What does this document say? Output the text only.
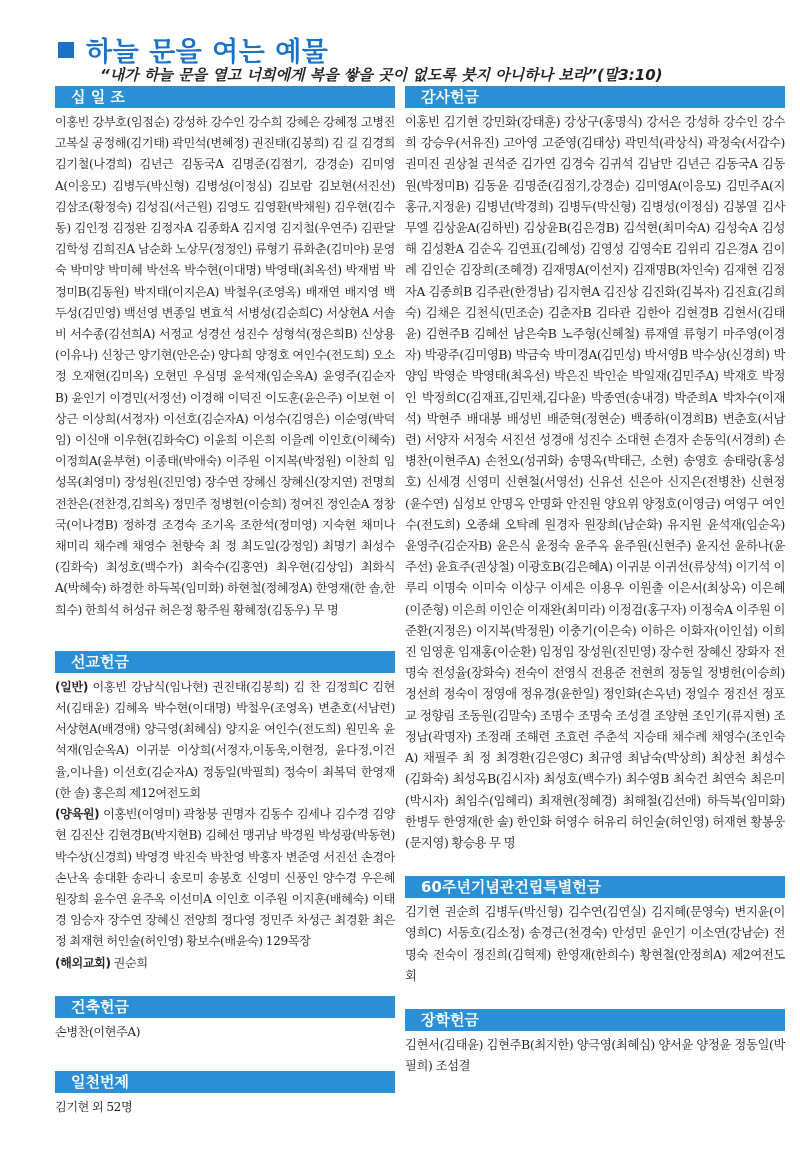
하늘 문을 여는 예물
“내가 하늘 문을 열고 너희에게 복을 쌓을 곳이 없도록 붓지 아니하나 보라”(말3:10)
십 일 조

이홍빈 강부호(임점순) 강성하 강수인 강수희 강혜은 강혜정 고병진 고복실 공정해(김기태) 곽민석(변혜정) 권진태(김봉희) 김 길 김경희 김기철(나경희) 김년근 김동국A 김명준(김점기, 강경순) 김미영A(이응모) 김병두(박신형) 김병성(이정심) 김보람 김보현(서진선) 김삼조(황정숙) 김성집(서근원) 김영도 김영환(박채원) 김우현(김수동) 김인정 김정완 김정자A 김종화A 김지영 김지철(우연주) 김판달 김학성 김희진A 남순화 노상무(정정인) 류형기 류화춘(김미야) 문영숙 박미양 박미혜 박선옥 박수현(이대명) 박영태(최옥선) 박재범 박정미B(김동원) 박지태(이지은A) 박철우(조영옥) 배재연 배지영 백두성(김민영) 백선영 변종일 변효석 서병성(김순희C) 서상현A 서솔비 서수종(김선희A) 서정교 성경선 성진수 성형석(정은희B) 신상용(이유나) 신창근 양기현(안은순) 양다희 양정호 여인수(전도희) 오소정 오재현(김미옥) 오현민 우심명 윤석재(임순옥A) 윤영주(김순자B) 윤인기 이경민(서정선) 이경해 이덕진 이도훈(윤은주) 이보현 이상근 이상희(서정자) 이선호(김순자A) 이성수(김영은) 이순영(박덕임) 이신애 이우현(김화숙C) 이윤희 이은희 이을례 이인호(이혜숙) 이정희A(윤부현) 이종태(박애숙) 이주원 이지복(박정원) 이찬희 임성목(최영미) 장성원(진민영) 장수연 장혜신 장혜신(장지연) 전명희 전찬은(전찬경,김희옥) 정민주 정병헌(이승희) 정여진 정인순A 정창국(이나경B) 정하경 조경숙 조기옥 조한석(정미영) 지숙현 채미나 채미리 채수례 채영수 천향숙 최 정 최도일(강정임) 최명기 최성수(김화숙) 최성호(백수가) 최숙수(김홍연) 최우현(김상임) 최화식A(박혜숙) 하경한 하득복(임미화) 하현철(정혜정A) 한영재(한 솔,한희수) 한희석 허성규 허은정 황주원 황혜정(김동우) 무 명

선교헌금

(일반) 이홍빈 강남식(임나현) 권진태(김봉희) 김 찬 김정희C 김현서(김태윤) 김혜옥 박수현(이대명) 박철우(조영옥) 변춘호(서남련) 서상현A(배경애) 양극영(최혜심) 양지윤 여인수(전도희) 원민옥 윤석재(임순옥A) 이귀분 이상희(서정자,이동욱,이현정, 윤다정,이건율,이나율) 이선호(김순자A) 정동일(박필희) 정숙이 최복덕 한영재(한 솔) 홍은희 제12여전도회

(양육원) 이홍빈(이영미) 곽창붕 권명자 김동수 김세나 김수경 김양현 김진산 김현경B(박지현B) 김혜선 맹귀남 박경원 박성광(박동현) 박수상(신경희) 박영경 박진숙 박찬영 박홍자 변준영 서진선 손경아 손난옥 송대환 송라니 송로미 송봉호 신영미 신풍인 양수경 우은혜 원장희 윤수연 윤주옥 이선미A 이인호 이주원 이지훈(배혜숙) 이태경 임승자 장수연 장혜신 전양희 정다영 정민주 차성근 최경환 최은정 최재현 허인술(허인영) 황보수(배윤숙) 129목장

(해외교회) 권순희

건축헌금

손병찬(이현주A)

일천번제

김기현 외 52명

감사헌금

이홍빈 김기현 강민화(강태훈) 강상구(홍명식) 강서은 강성하 강수인 강수희 강승우(서유진) 고아영 고준영(김태상) 곽민석(곽상식) 곽정숙(서갑수) 권미진 권상철 권석준 김가연 김경숙 김귀석 김남만 김년근 김동국A 김동원(박정미B) 김동윤 김명준(김점기,강경순) 김미영A(이응모) 김민주A(지홍규,지정윤) 김병년(박경희) 김병두(박신형) 김병성(이정심) 김봉열 김사무엘 김상윤A(김하빈) 김상윤B(김은경B) 김석현(최미숙A) 김성숙A 김성해 김성환A 김순옥 김연표(김혜성) 김영성 김영숙E 김위리 김은경A 김이례 김인순 김장희(조혜경) 김재명A(이선지) 김재명B(차인숙) 김재현 김정자A 김종희B 김주관(한경남) 김지현A 김진상 김진화(김복자) 김진효(김희숙) 김채은 김천식(민조순) 김춘자B 김타관 김한아 김현경B 김현서(김태윤) 김현주B 김혜선 남은숙B 노주형(신혜철) 류재열 류형기 마주영(이경자) 박광주(김미영B) 박금숙 박미경A(김민성) 박서영B 박수상(신경희) 박양임 박영순 박영태(최옥선) 박은진 박인순 박일재(김민주A) 박재호 박정인 박정희C(김재표,김민채,김다윤) 박종연(송내경) 박준희A 박차수(이재석) 박현주 배대봉 배성빈 배준혁(정현순) 백종하(이경희B) 변춘호(서남련) 서양자 서정숙 서진선 성경애 성진수 소대현 손경자 손동익(서경희) 손병찬(이현주A) 손천오(성귀화) 송명옥(박태근, 소현) 송영호 송태랑(홍성호) 신세경 신영미 신현철(서영선) 신유선 신은아 신지은(전병찬) 신현정(윤수연) 심성보 안명옥 안명화 안진원 양요위 양정호(이영금) 여영구 여인수(전도희) 오종쇄 오탁례 원경자 원장희(남순화) 유지원 윤석재(임순옥) 윤영주(김순자B) 윤은식 윤정숙 윤주옥 윤주원(신현주) 윤지선 윤하나(윤주선) 윤효주(권상철) 이광호B(김은혜A) 이귀분 이귀선(류상석) 이기석 이루리 이명숙 이미숙 이상구 이세은 이용우 이원출 이은서(최상옥) 이은혜(이준형) 이은희 이인순 이재완(최미라) 이정검(홍구자) 이정숙A 이주원 이준환(지정은) 이지복(박정원) 이충기(이은숙) 이하은 이화자(이인섭) 이희진 임영훈 임재홍(이순환) 임정임 장성원(진민영) 장수헌 장혜신 장화자 전명숙 전성율(장화숙) 전숙이 전영식 전용준 전현희 정동일 정병헌(이승희) 정선희 정숙이 정영애 정유경(윤한일) 정인화(손옥년) 정일수 정진선 정포교 정향림 조동원(김말숙) 조명수 조명숙 조성결 조양현 조인기(류지현) 조정남(곽명자) 조정래 조해련 조효련 주춘석 지승태 채수례 채영수(조인숙A) 채필주 최 정 최경환(김은영C) 최규영 최남숙(박상희) 최상천 최성수(김화숙) 최성옥B(김시자) 최성호(백수가) 최수영B 최숙건 최연숙 최은미(박시자) 최임수(임혜리) 최재현(정혜경) 최해철(김선애) 하득복(임미화) 한병두 한영재(한 솔) 한인화 허영수 허유리 허인술(허인영) 허재현 황봉웅(문지영) 황승용 무 명

60주년기념관건립특별헌금

김기현 권순희 김병두(박신형) 김수연(김연실) 김지혜(문영숙) 변지윤(이영희C) 서동호(김소정) 송경근(천경숙) 안성민 윤인기 이소연(강남순) 전명숙 전숙이 정진희(김혁제) 한영재(한희수) 황현철(안정희A) 제2여전도회

장학헌금

김현서(김태윤) 김현주B(최지한) 양극영(최혜심) 양서윤 양정윤 정동일(박필희) 조섬결
